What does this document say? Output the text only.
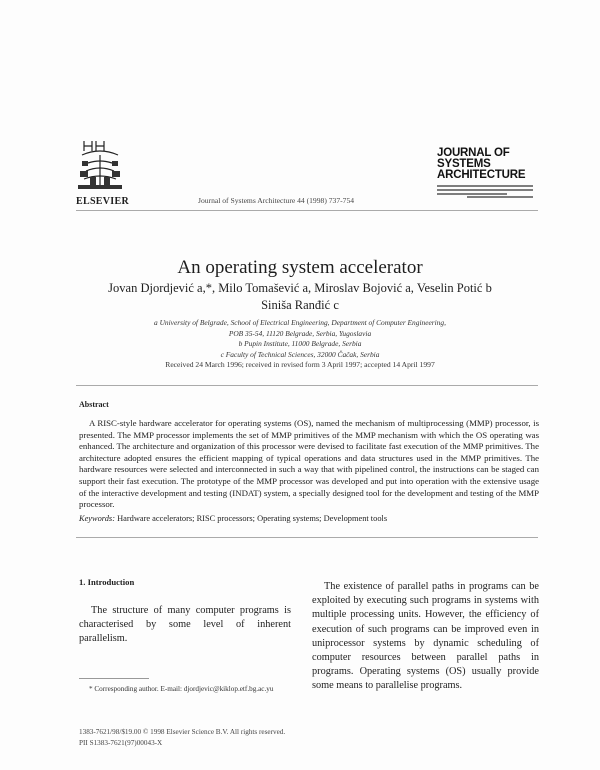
ELSEVIER	Journal of Systems Architecture 44 (1998) 737-754
JOURNAL OF
SYSTEMS
ARCHITECTURE
An operating system accelerator
Jovan Djordjević a,*, Milo Tomašević a, Miroslav Bojović a, Veselin Potić b
Siniša Ranđić c
a University of Belgrade, School of Electrical Engineering, Department of Computer Engineering,
POB 35-54, 11120 Belgrade, Serbia, Yugoslavia
b Pupin Institute, 11000 Belgrade, Serbia
c Faculty of Technical Sciences, 32000 Čačak, Serbia
Received 24 March 1996; received in revised form 3 April 1997; accepted 14 April 1997
Abstract
A RISC-style hardware accelerator for operating systems (OS), named the mechanism of multiprocessing (MMP) processor, is presented. The MMP processor implements the set of MMP primitives of the MMP mechanism with which the OS operating was enhanced. The architecture and organization of this processor were devised to facilitate fast execution of the MMP primitives. The architecture adopted ensures the efficient mapping of typical operations and data structures used in the MMP primitives. The hardware resources were selected and interconnected in such a way that with pipelined control, the instructions can be staged can support their fast execution. The prototype of the MMP processor was developed and put into operation with the extensive usage of the interactive development and testing (INDAT) system, a specially designed tool for the development and testing of the MMP processor.
Keywords: Hardware accelerators; RISC processors; Operating systems; Development tools
1. Introduction
The structure of many computer programs is characterised by some level of inherent parallelism.
* Corresponding author. E-mail: djordjevic@kiklop.etf.bg.ac.yu
The existence of parallel paths in programs can be exploited by executing such programs in systems with multiple processing units. However, the efficiency of execution of such programs can be improved even in uniprocessor systems by dynamic scheduling of computer resources between parallel paths in programs. Operating systems (OS) usually provide some means to parallelise programs.
1383-7621/98/$19.00 © 1998 Elsevier Science B.V. All rights reserved.
PII S1383-7621(97)00043-X
